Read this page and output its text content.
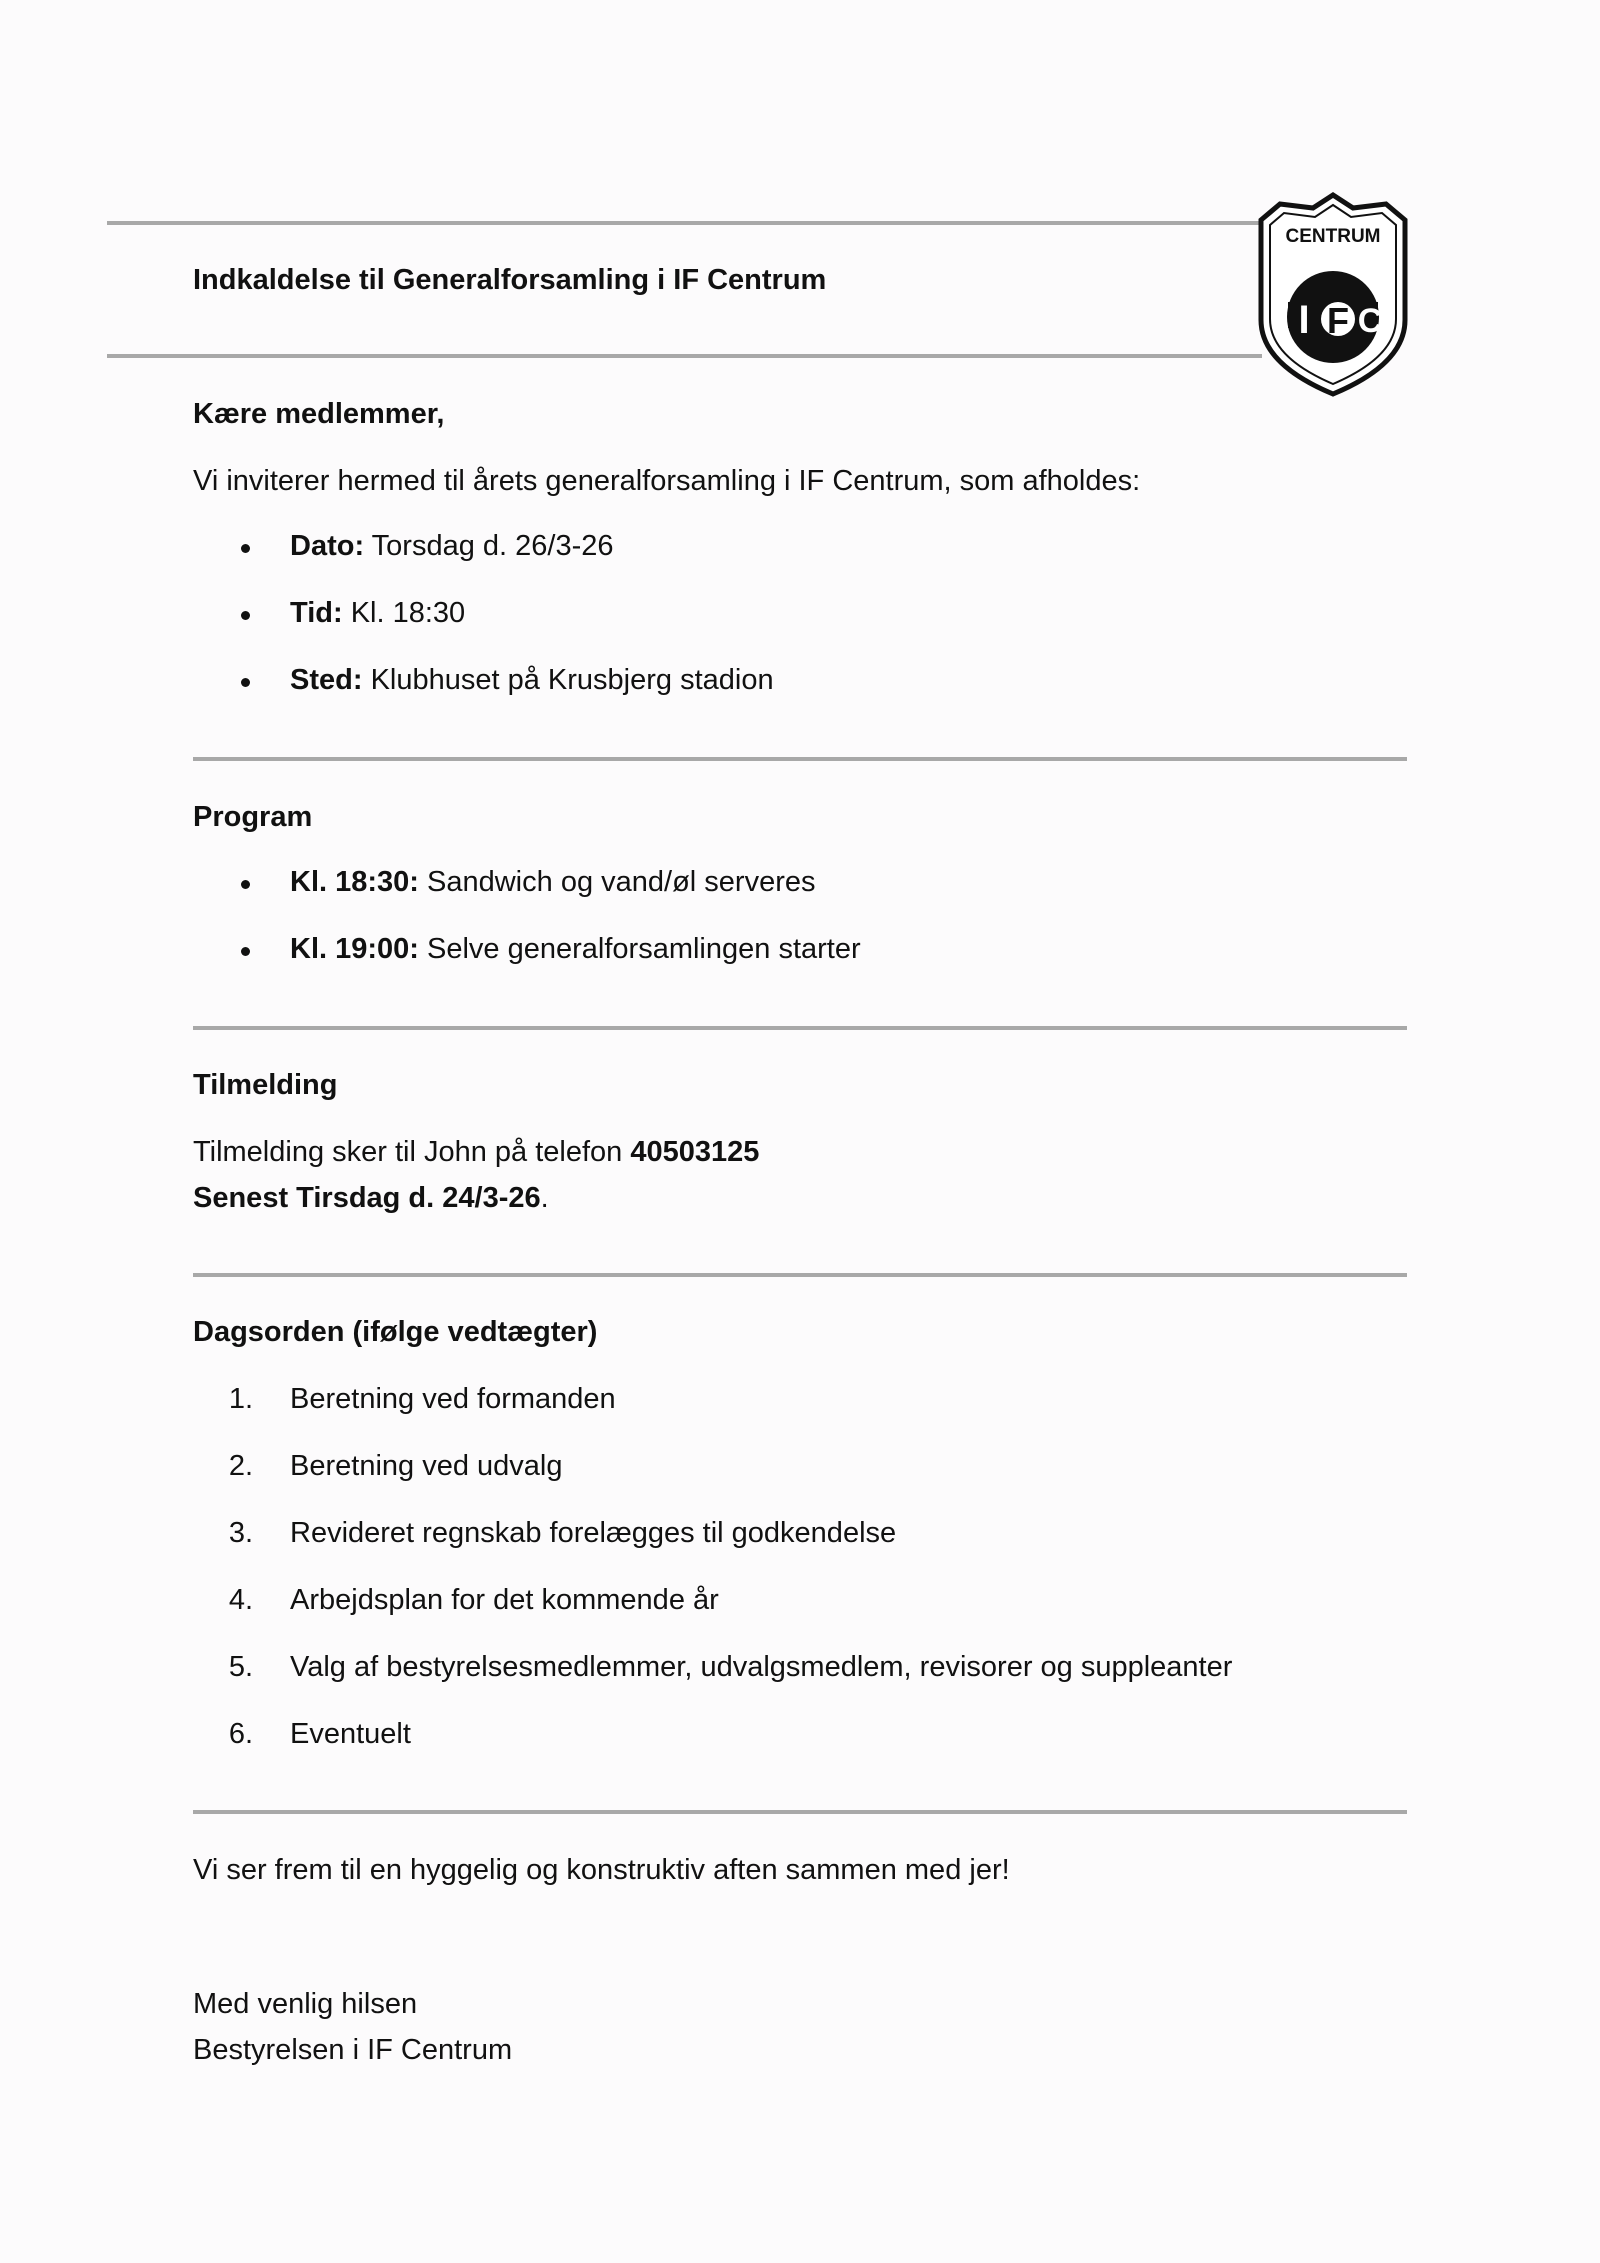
Indkaldelse til Generalforsamling i IF Centrum
CENTRUM
I F C
Kære medlemmer,
Vi inviterer hermed til årets generalforsamling i IF Centrum, som afholdes:
Dato: Torsdag d. 26/3-26
Tid: Kl. 18:30
Sted: Klubhuset på Krusbjerg stadion
Program
Kl. 18:30: Sandwich og vand/øl serveres
Kl. 19:00: Selve generalforsamlingen starter
Tilmelding
Tilmelding sker til John på telefon 40503125
Senest Tirsdag d. 24/3-26.
Dagsorden (ifølge vedtægter)
1. Beretning ved formanden
2. Beretning ved udvalg
3. Revideret regnskab forelægges til godkendelse
4. Arbejdsplan for det kommende år
5. Valg af bestyrelsesmedlemmer, udvalgsmedlem, revisorer og suppleanter
6. Eventuelt
Vi ser frem til en hyggelig og konstruktiv aften sammen med jer!
Med venlig hilsen
Bestyrelsen i IF Centrum
